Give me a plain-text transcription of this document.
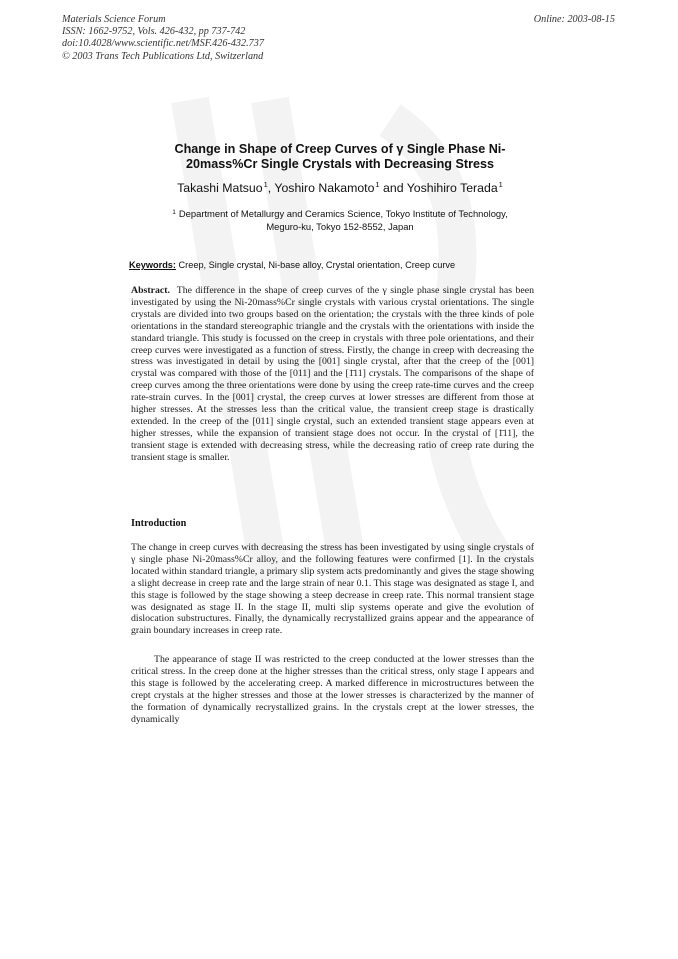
Materials Science Forum
ISSN: 1662-9752, Vols. 426-432, pp 737-742
doi:10.4028/www.scientific.net/MSF.426-432.737
© 2003 Trans Tech Publications Ltd, Switzerland
Online: 2003-08-15
Change in Shape of Creep Curves of γ Single Phase Ni-20mass%Cr Single Crystals with Decreasing Stress
Takashi Matsuo$^1$, Yoshiro Nakamoto$^1$ and Yoshihiro Terada$^1$
$^1$ Department of Metallurgy and Ceramics Science, Tokyo Institute of Technology,
Meguro-ku, Tokyo 152-8552, Japan
Keywords: Creep, Single crystal, Ni-base alloy, Crystal orientation, Creep curve

Abstract. The difference in the shape of creep curves of the γ single phase single crystal has been investigated by using the Ni-20mass%Cr single crystals with various crystal orientations. The single crystals are divided into two groups based on the orientation; the crystals with the three kinds of pole orientations in the standard stereographic triangle and the crystals with the orientations with inside the standard triangle. This study is focussed on the creep in crystals with three pole orientations, and their creep curves were investigated as a function of stress. Firstly, the change in creep with decreasing the stress was investigated in detail by using the [001] single crystal, after that the creep of the [001] crystal was compared with those of the [011] and the [1̄11] crystals. The comparisons of the shape of creep curves among the three orientations were done by using the creep rate-time curves and the creep rate-strain curves. In the [001] crystal, the creep curves at lower stresses are different from those at higher stresses. At the stresses less than the critical value, the transient creep stage is drastically extended. In the creep of the [011] single crystal, such an extended transient stage appears even at higher stresses, while the expansion of transient stage does not occur. In the crystal of [1̄11], the transient stage is extended with decreasing stress, while the decreasing ratio of creep rate during the transient stage is smaller.

Introduction

The change in creep curves with decreasing the stress has been investigated by using single crystals of γ single phase Ni-20mass%Cr alloy, and the following features were confirmed [1]. In the crystals located within standard triangle, a primary slip system acts predominantly and gives the stage showing a slight decrease in creep rate and the large strain of near 0.1. This stage was designated as stage I, and this stage is followed by the stage showing a steep decrease in creep rate. This normal transient stage was designated as stage II. In the stage II, multi slip systems operate and give the evolution of dislocation substructures. Finally, the dynamically recrystallized grains appear and the appearance of grain boundary increases in creep rate.

The appearance of stage II was restricted to the creep conducted at the lower stresses than the critical stress. In the creep done at the higher stresses than the critical stress, only stage I appears and this stage is followed by the accelerating creep. A marked difference in microstructures between the crept crystals at the higher stresses and those at the lower stresses is characterized by the manner of the formation of dynamically recrystallized grains. In the crystals crept at the lower stresses, the dynamically
